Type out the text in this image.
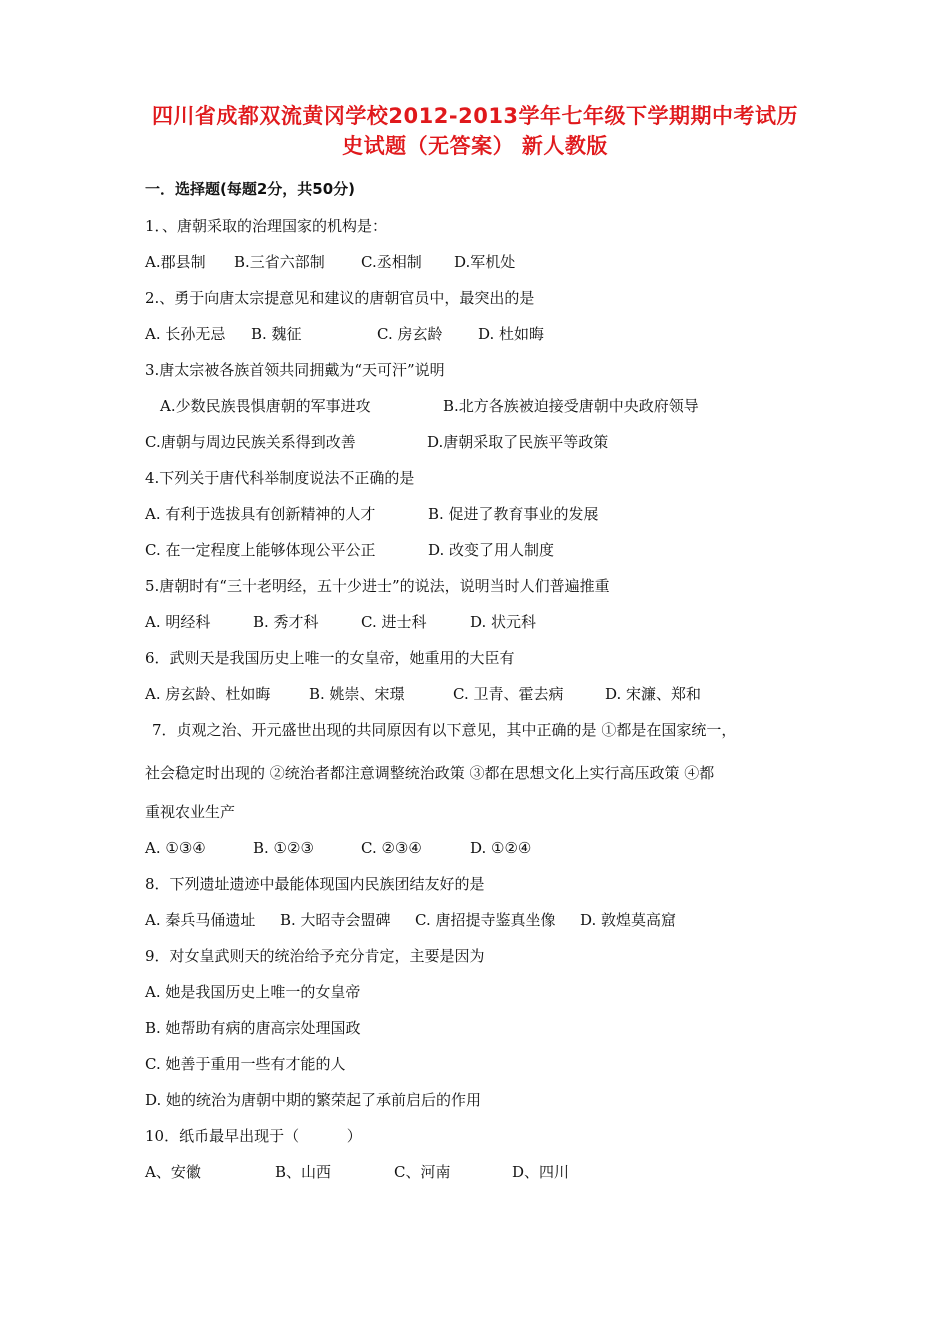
四川省成都双流黄冈学校2012-2013学年七年级下学期期中考试历
史试题（无答案） 新人教版
一．选择题(每题2分，共50分)
1．、唐朝采取的治理国家的机构是：
A.郡县制 B.三省六部制 C.丞相制 D.军机处
2.、勇于向唐太宗提意见和建议的唐朝官员中，最突出的是
A. 长孙无忌 B. 魏征	C. 房玄龄 D. 杜如晦
3.唐太宗被各族首领共同拥戴为“天可汗”说明
A.少数民族畏惧唐朝的军事进攻	B.北方各族被迫接受唐朝中央政府领导
C.唐朝与周边民族关系得到改善	D.唐朝采取了民族平等政策
4.下列关于唐代科举制度说法不正确的是
A. 有利于选拔具有创新精神的人才	B. 促进了教育事业的发展
C. 在一定程度上能够体现公平公正	D. 改变了用人制度
5.唐朝时有“三十老明经，五十少进士”的说法，说明当时人们普遍推重
A. 明经科	B. 秀才科	C. 进士科	D. 状元科
6．武则天是我国历史上唯一的女皇帝，她重用的大臣有
A. 房玄龄、杜如晦	B. 姚崇、宋璟	C. 卫青、霍去病	D. 宋濂、郑和
7．贞观之治、开元盛世出现的共同原因有以下意见，其中正确的是 ①都是在国家统一，
社会稳定时出现的 ②统治者都注意调整统治政策 ③都在思想文化上实行高压政策 ④都
重视农业生产
A. ①③④	B. ①②③	C. ②③④	D. ①②④
8．下列遗址遗迹中最能体现国内民族团结友好的是
A. 秦兵马俑遗址 B. 大昭寺会盟碑 C. 唐招提寺鉴真坐像 D. 敦煌莫高窟
9．对女皇武则天的统治给予充分肯定，主要是因为
A. 她是我国历史上唯一的女皇帝
B. 她帮助有病的唐高宗处理国政
C. 她善于重用一些有才能的人
D. 她的统治为唐朝中期的繁荣起了承前启后的作用
10．纸币最早出现于（          ）
A、安徽	B、山西	C、河南	D、四川
